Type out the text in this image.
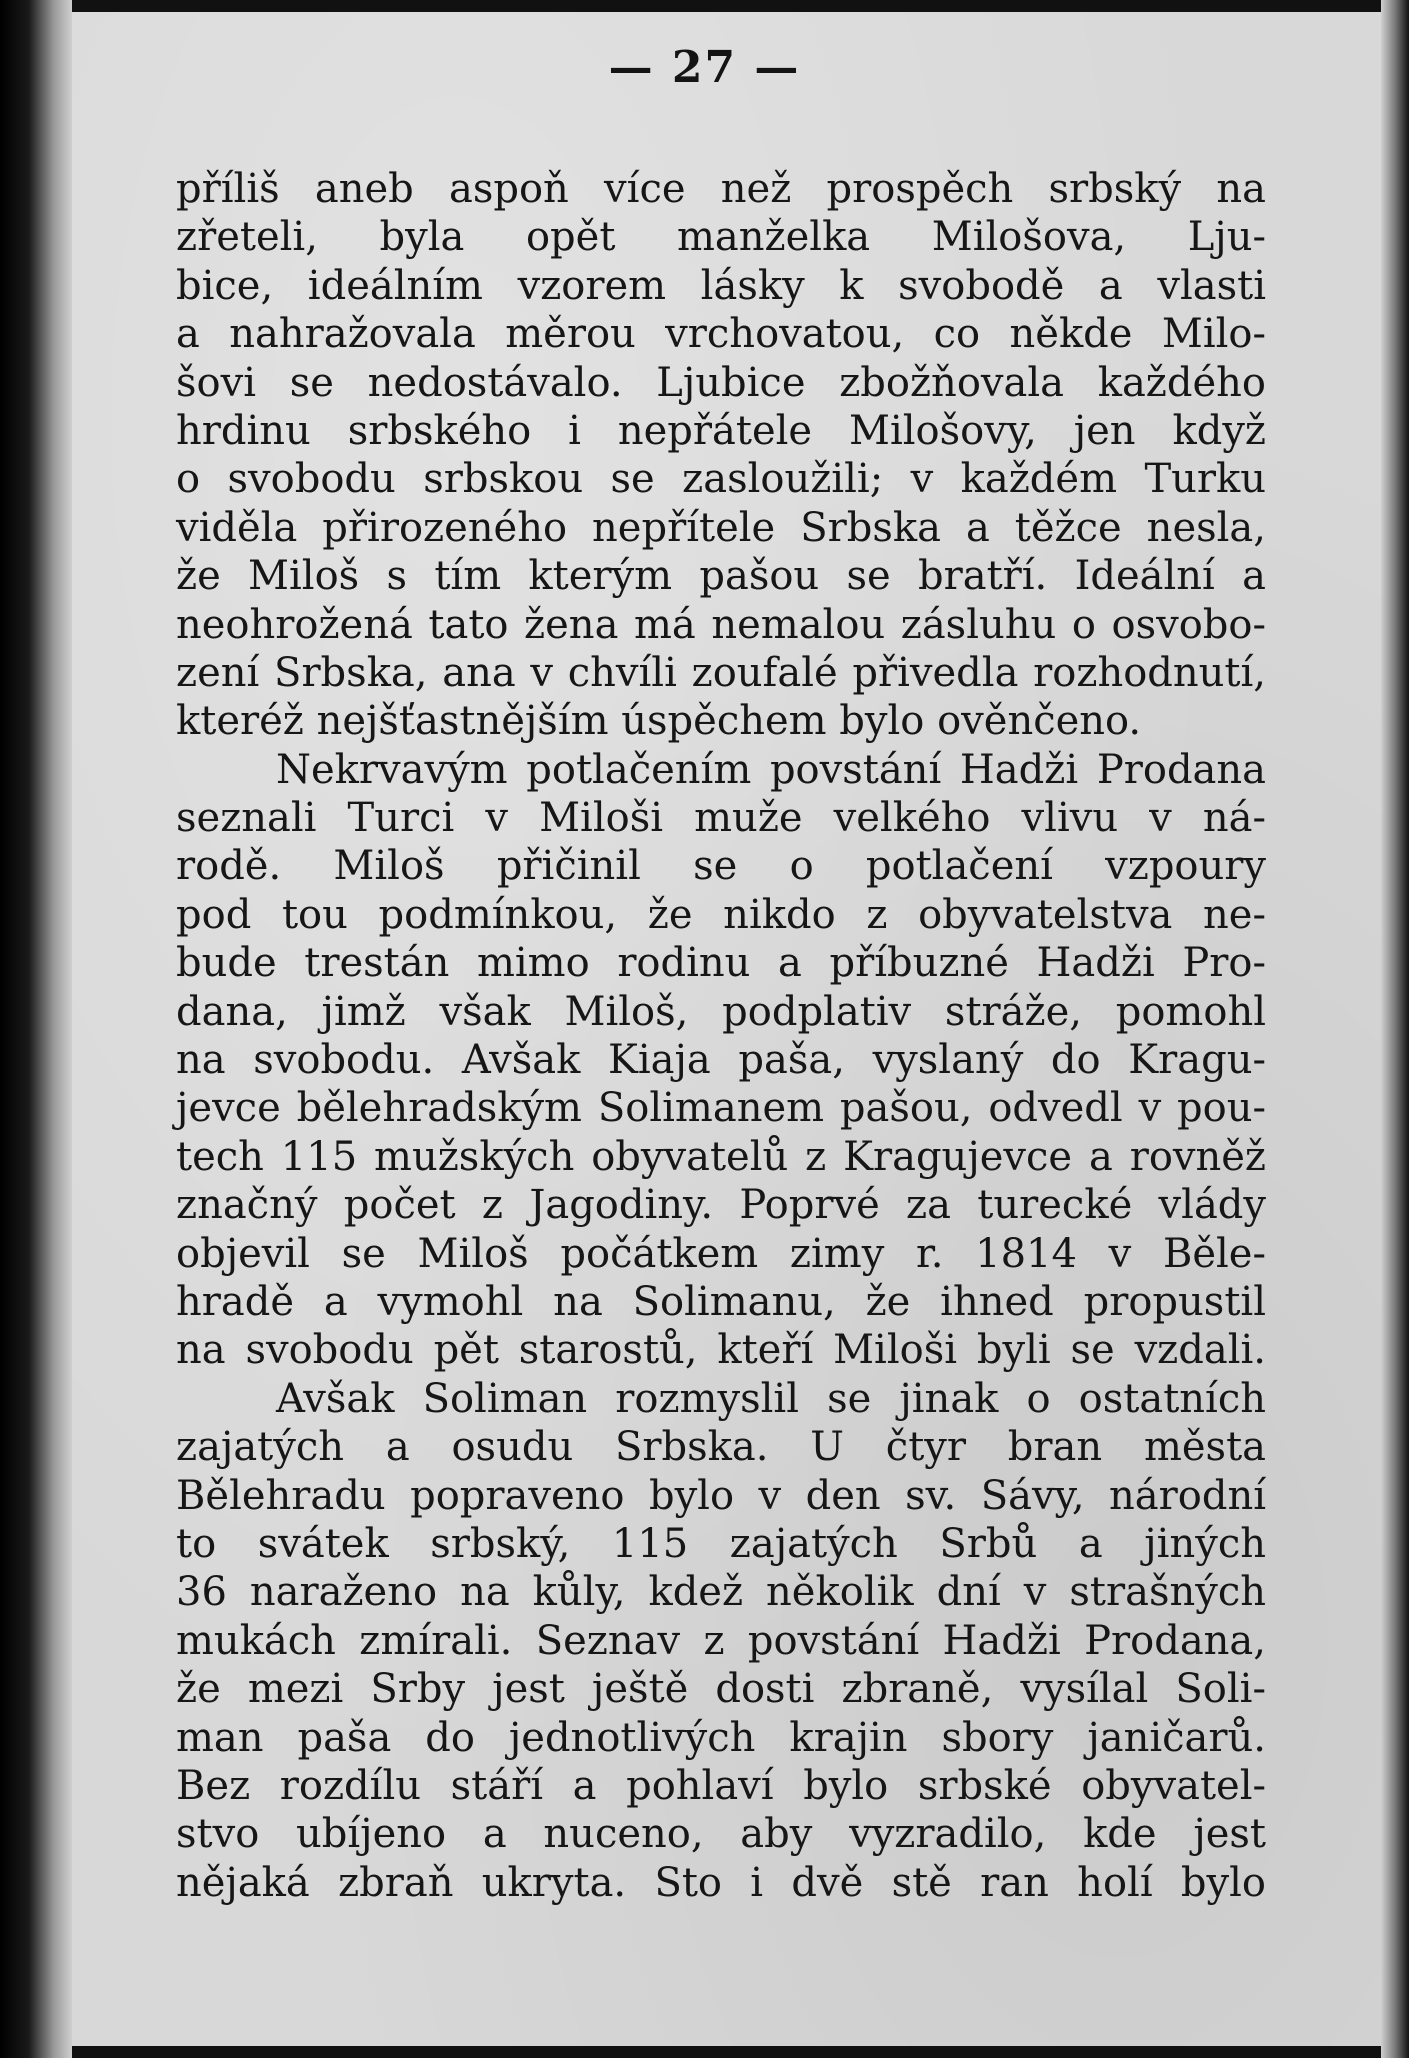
— 27 —
příliš aneb aspoň více než prospěch srbský na
zřeteli, byla opět manželka Milošova, Lju-
bice, ideálním vzorem lásky k svobodě a vlasti
a nahražovala měrou vrchovatou, co někde Milo-
šovi se nedostávalo. Ljubice zbožňovala každého
hrdinu srbského i nepřátele Milošovy, jen když
o svobodu srbskou se zasloužili; v každém Turku
viděla přirozeného nepřítele Srbska a těžce nesla,
že Miloš s tím kterým pašou se bratří. Ideální a
neohrožená tato žena má nemalou zásluhu o osvobo-
zení Srbska, ana v chvíli zoufalé přivedla rozhodnutí,
kteréž nejšťastnějším úspěchem bylo ověnčeno.
Nekrvavým potlačením povstání Hadži Prodana
seznali Turci v Miloši muže velkého vlivu v ná-
rodě. Miloš přičinil se o potlačení vzpoury
pod tou podmínkou, že nikdo z obyvatelstva ne-
bude trestán mimo rodinu a příbuzné Hadži Pro-
dana, jimž však Miloš, podplativ stráže, pomohl
na svobodu. Avšak Kiaja paša, vyslaný do Kragu-
jevce bělehradským Solimanem pašou, odvedl v pou-
tech 115 mužských obyvatelů z Kragujevce a rovněž
značný počet z Jagodiny. Poprvé za turecké vlády
objevil se Miloš počátkem zimy r. 1814 v Běle-
hradě a vymohl na Solimanu, že ihned propustil
na svobodu pět starostů, kteří Miloši byli se vzdali.
Avšak Soliman rozmyslil se jinak o ostatních
zajatých a osudu Srbska. U čtyr bran města
Bělehradu popraveno bylo v den sv. Sávy, národní
to svátek srbský, 115 zajatých Srbů a jiných
36 naraženo na kůly, kdež několik dní v strašných
mukách zmírali. Seznav z povstání Hadži Prodana,
že mezi Srby jest ještě dosti zbraně, vysílal Soli-
man paša do jednotlivých krajin sbory janičarů.
Bez rozdílu stáří a pohlaví bylo srbské obyvatel-
stvo ubíjeno a nuceno, aby vyzradilo, kde jest
nějaká zbraň ukryta. Sto i dvě stě ran holí bylo
